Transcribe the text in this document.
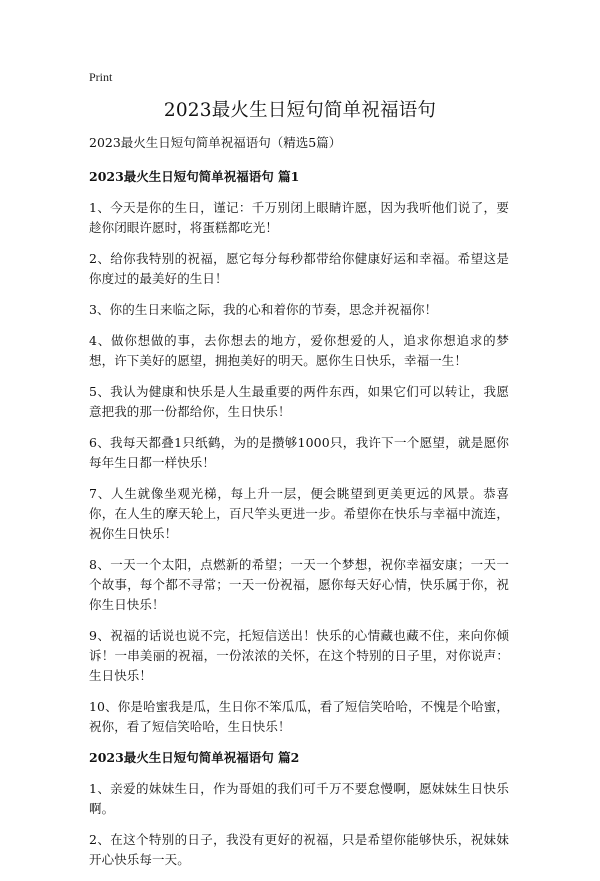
Print
2023最火生日短句简单祝福语句

2023最火生日短句简单祝福语句（精选5篇）

2023最火生日短句简单祝福语句 篇1

1、今天是你的生日，谨记：千万别闭上眼睛许愿，因为我听他们说了，要趁你闭眼许愿时，将蛋糕都吃光！

2、给你我特别的祝福，愿它每分每秒都带给你健康好运和幸福。希望这是你度过的最美好的生日！

3、你的生日来临之际，我的心和着你的节奏，思念并祝福你！

4、做你想做的事，去你想去的地方，爱你想爱的人，追求你想追求的梦想，许下美好的愿望，拥抱美好的明天。愿你生日快乐，幸福一生！

5、我认为健康和快乐是人生最重要的两件东西，如果它们可以转让，我愿意把我的那一份都给你，生日快乐！

6、我每天都叠1只纸鹤，为的是攒够1000只，我许下一个愿望，就是愿你每年生日都一样快乐！

7、人生就像坐观光梯，每上升一层，便会眺望到更美更远的风景。恭喜你，在人生的摩天轮上，百尺竿头更进一步。希望你在快乐与幸福中流连，祝你生日快乐！

8、一天一个太阳，点燃新的希望；一天一个梦想，祝你幸福安康；一天一个故事，每个都不寻常；一天一份祝福，愿你每天好心情，快乐属于你，祝你生日快乐！

9、祝福的话说也说不完，托短信送出！快乐的心情藏也藏不住，来向你倾诉！一串美丽的祝福，一份浓浓的关怀，在这个特别的日子里，对你说声：生日快乐！

10、你是哈蜜我是瓜，生日你不笨瓜瓜，看了短信笑哈哈，不愧是个哈蜜，祝你，看了短信笑哈哈，生日快乐！

2023最火生日短句简单祝福语句 篇2

1、亲爱的妹妹生日，作为哥姐的我们可千万不要怠慢啊，愿妹妹生日快乐啊。

2、在这个特别的日子，我没有更好的祝福，只是希望你能够快乐，祝妹妹开心快乐每一天。
